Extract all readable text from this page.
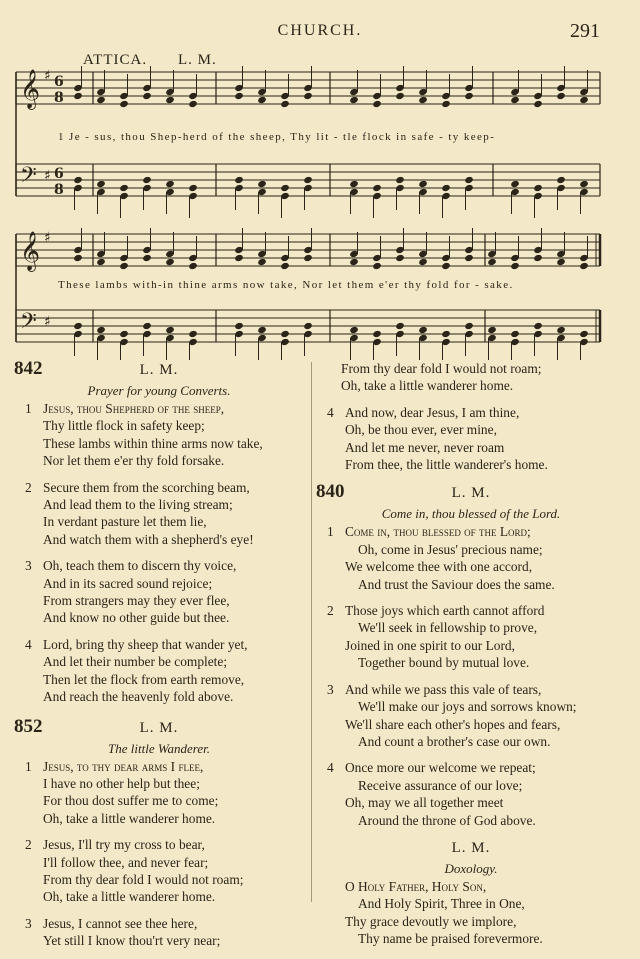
CHURCH.	291
ATTICA. L. M.
𝄞 ♯ 6
8
𝄢 ♯ 6
8
𝄞 ♯
𝄢 ♯
1 Je - sus, thou Shep-herd of the sheep, Thy lit - tle flock in safe - ty keep-
These lambs with-in thine arms now take, Nor let them e'er thy fold for - sake.
842	L. M.
Prayer for young Converts.
1 Jesus, thou Shepherd of the sheep,
Thy little flock in safety keep;
These lambs within thine arms now take,
Nor let them e'er thy fold forsake.
2 Secure them from the scorching beam,
And lead them to the living stream;
In verdant pasture let them lie,
And watch them with a shepherd's eye!
3 Oh, teach them to discern thy voice,
And in its sacred sound rejoice;
From strangers may they ever flee,
And know no other guide but thee.
4 Lord, bring thy sheep that wander yet,
And let their number be complete;
Then let the flock from earth remove,
And reach the heavenly fold above.
852	L. M.
The little Wanderer.
1 Jesus, to thy dear arms I flee,
I have no other help but thee;
For thou dost suffer me to come;
Oh, take a little wanderer home.
2 Jesus, I'll try my cross to bear,
I'll follow thee, and never fear;
From thy dear fold I would not roam;
Oh, take a little wanderer home.
3 Jesus, I cannot see thee here,
Yet still I know thou'rt very near;
From thy dear fold I would not roam;
Oh, take a little wanderer home.
4 And now, dear Jesus, I am thine,
Oh, be thou ever, ever mine,
And let me never, never roam
From thee, the little wanderer's home.
840	L. M.
Come in, thou blessed of the Lord.
1 Come in, thou blessed of the Lord;
Oh, come in Jesus' precious name;
We welcome thee with one accord,
And trust the Saviour does the same.
2 Those joys which earth cannot afford
We'll seek in fellowship to prove,
Joined in one spirit to our Lord,
Together bound by mutual love.
3 And while we pass this vale of tears,
We'll make our joys and sorrows known;
We'll share each other's hopes and fears,
And count a brother's case our own.
4 Once more our welcome we repeat;
Receive assurance of our love;
Oh, may we all together meet
Around the throne of God above.
L. M.
Doxology.
O Holy Father, Holy Son,
And Holy Spirit, Three in One,
Thy grace devoutly we implore,
Thy name be praised forevermore.
